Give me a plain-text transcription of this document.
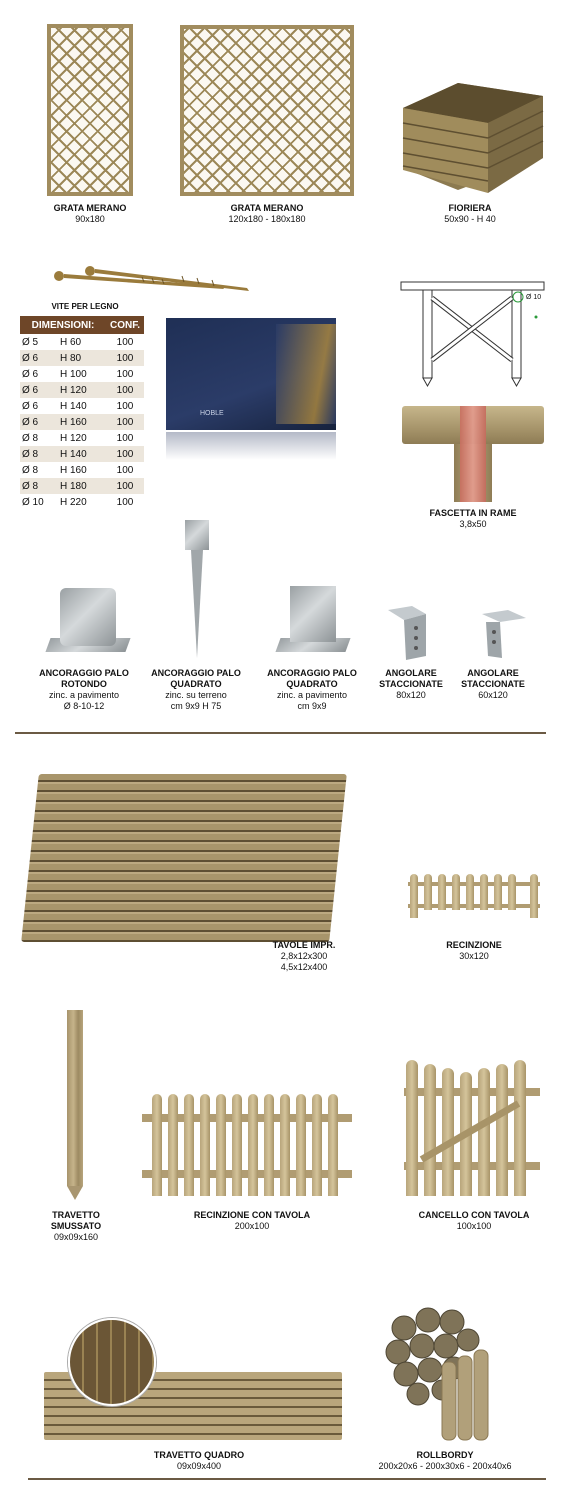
GRATA MERANO
90x180
GRATA MERANO
120x180 - 180x180
FIORIERA
50x90 - H 40
VITE PER LEGNO
DIMENSIONI:		CONF.
Ø 5	H 60	100
Ø 6	H 80	100
Ø 6	H 100	100
Ø 6	H 120	100
Ø 6	H 140	100
Ø 6	H 160	100
Ø 8	H 120	100
Ø 8	H 140	100
Ø 8	H 160	100
Ø 8	H 180	100
Ø 10	H 220	100
HOBLE
Ø 10
FASCETTA IN RAME
3,8x50
ANCORAGGIO PALO
ROTONDO
zinc. a pavimento
Ø 8-10-12
ANCORAGGIO PALO
QUADRATO
zinc. su terreno
cm 9x9 H 75
ANCORAGGIO PALO
QUADRATO
zinc. a pavimento
cm 9x9
ANGOLARE
STACCIONATE
80x120
ANGOLARE
STACCIONATE
60x120
TAVOLE IMPR.
2,8x12x300
4,5x12x400
RECINZIONE
30x120
TRAVETTO
SMUSSATO
09x09x160
RECINZIONE CON TAVOLA
200x100
CANCELLO CON TAVOLA
100x100
TRAVETTO QUADRO
09x09x400
ROLLBORDY
200x20x6 - 200x30x6 - 200x40x6
